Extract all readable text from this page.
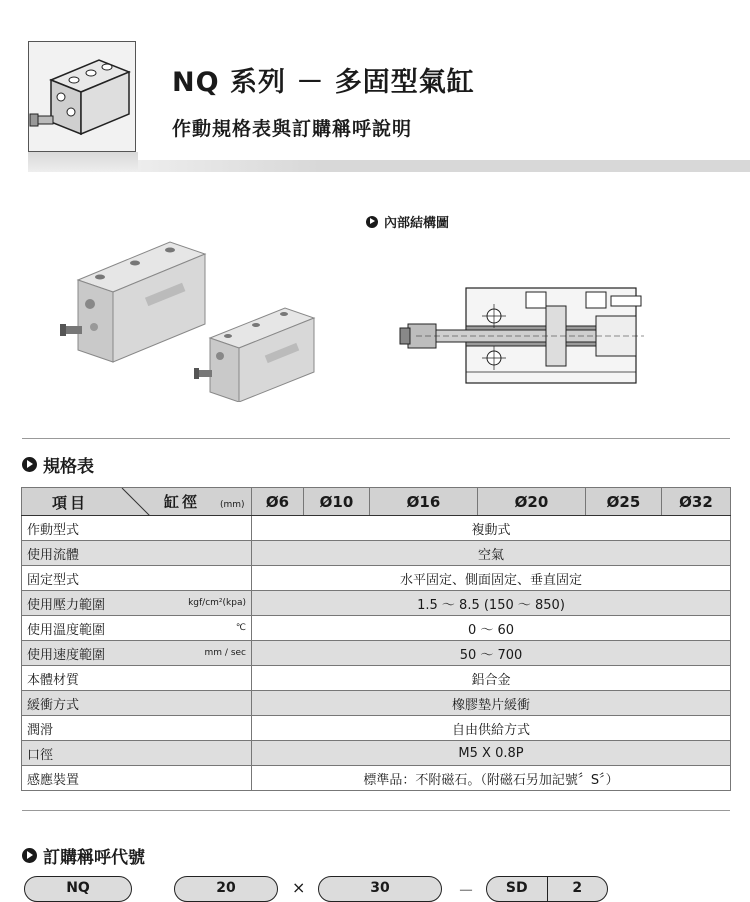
NQ 系列 － 多固型氣缸
作動規格表與訂購稱呼說明
內部結構圖
規格表
項目 缸徑 (mm)	Ø6	Ø10	Ø16	Ø20	Ø25	Ø32

作動型式	複動式					

使用流體	空氣					

固定型式	水平固定、側面固定、垂直固定					

使用壓力範圍 kgf/cm²(kpa)	1.5 ～ 8.5 (150 ～ 850)					

使用溫度範圍 ℃	0 ～ 60					

使用速度範圍 mm / sec	50 ～ 700					

本體材質	鋁合金					

緩衝方式	橡膠墊片緩衝					

潤滑	自由供給方式					

口徑	M5 X 0.8P					

感應裝置	標準品：不附磁石。（附磁石另加記號〞S〞）					
訂購稱呼代號
NQ	20	×	30	－	SD	2
